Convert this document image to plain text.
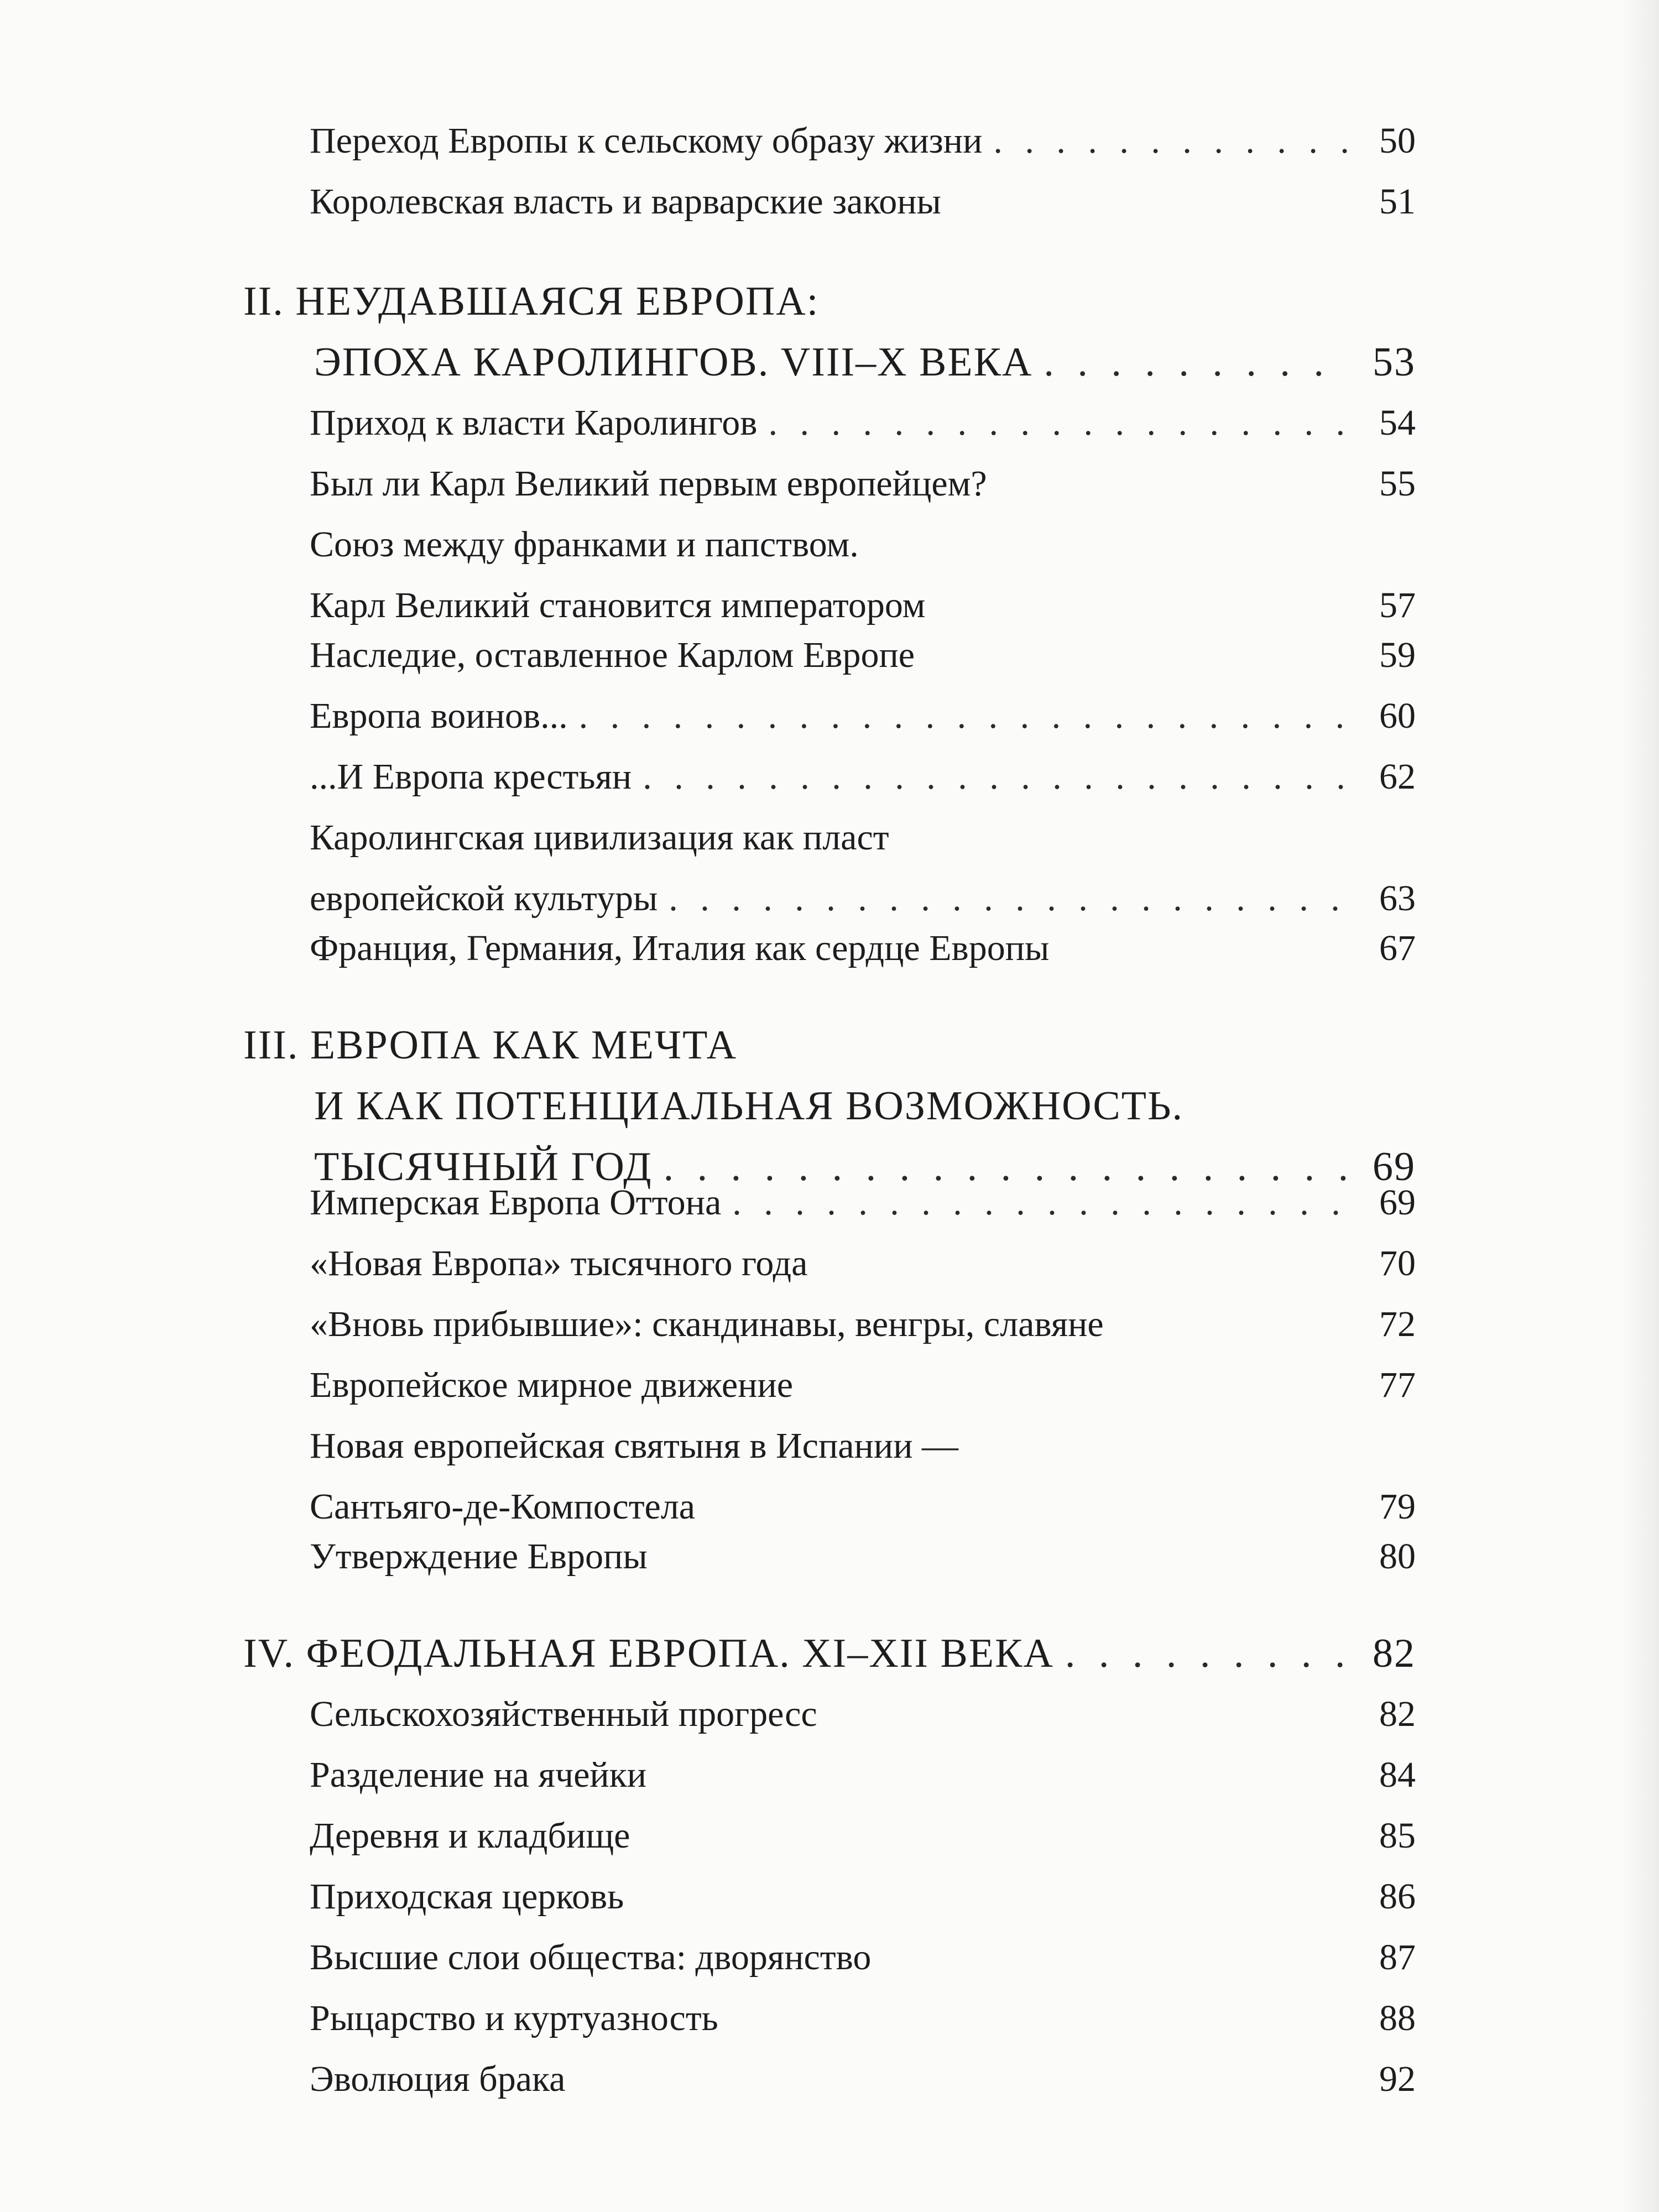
Переход Европы к сельскому образу жизни . . .	50
Королевская власть и варварские законы	51
II. НЕУДАВШАЯСЯ ЕВРОПА:
ЭПОХА КАРОЛИНГОВ. VIII–X ВЕКА . . .	53
Приход к власти Каролингов . . .	54
Был ли Карл Великий первым европейцем?	55
Союз между франками и папством.
Карл Великий становится императором	57
Наследие, оставленное Карлом Европе	59
Европа воинов... . . .	60
...И Европа крестьян . . .	62
Каролингская цивилизация как пласт
европейской культуры . . .	63
Франция, Германия, Италия как сердце Европы	67
III. ЕВРОПА КАК МЕЧТА
И КАК ПОТЕНЦИАЛЬНАЯ ВОЗМОЖНОСТЬ.
ТЫСЯЧНЫЙ ГОД . . .	69
Имперская Европа Оттона . . .	69
«Новая Европа» тысячного года	70
«Вновь прибывшие»: скандинавы, венгры, славяне	72
Европейское мирное движение	77
Новая европейская святыня в Испании —
Сантьяго-де-Компостела	79
Утверждение Европы	80
IV. ФЕОДАЛЬНАЯ ЕВРОПА. XI–XII ВЕКА . . .	82
Сельскохозяйственный прогресс	82
Разделение на ячейки	84
Деревня и кладбище	85
Приходская церковь	86
Высшие слои общества: дворянство	87
Рыцарство и куртуазность	88
Эволюция брака	92
